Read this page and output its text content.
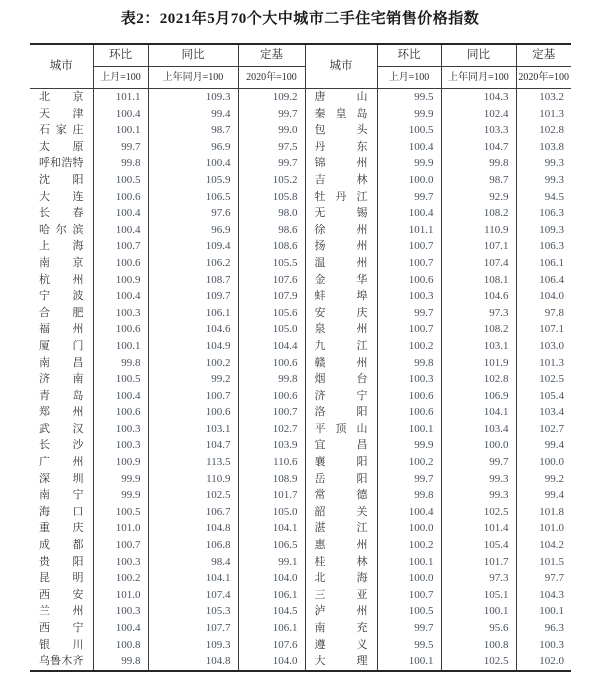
表2：2021年5月70个大中城市二手住宅销售价格指数
城市	环比	同比	定基	城市	环比	同比	定基
	上月=100	上年同月=100	2020年=100		上月=100	上年同月=100	2020年=100
北京	101.1	109.3	109.2	唐山	99.5	104.3	103.2
天津	100.4	99.4	99.7	秦皇岛	99.9	102.4	101.3
石家庄	100.1	98.7	99.0	包头	100.5	103.3	102.8
太原	99.7	96.9	97.5	丹东	100.4	104.7	103.8
呼和浩特	99.8	100.4	99.7	锦州	99.9	99.8	99.3
沈阳	100.5	105.9	105.2	吉林	100.0	98.7	99.3
大连	100.6	106.5	105.8	牡丹江	99.7	92.9	94.5
长春	100.4	97.6	98.0	无锡	100.4	108.2	106.3
哈尔滨	100.4	96.9	98.6	徐州	101.1	110.9	109.3
上海	100.7	109.4	108.6	扬州	100.7	107.1	106.3
南京	100.6	106.2	105.5	温州	100.7	107.4	106.1
杭州	100.9	108.7	107.6	金华	100.6	108.1	106.4
宁波	100.4	109.7	107.9	蚌埠	100.3	104.6	104.0
合肥	100.3	106.1	105.6	安庆	99.7	97.3	97.8
福州	100.6	104.6	105.0	泉州	100.7	108.2	107.1
厦门	100.1	104.9	104.4	九江	100.2	103.1	103.0
南昌	99.8	100.2	100.6	赣州	99.8	101.9	101.3
济南	100.5	99.2	99.8	烟台	100.3	102.8	102.5
青岛	100.4	100.7	100.6	济宁	100.6	106.9	105.4
郑州	100.6	100.6	100.7	洛阳	100.6	104.1	103.4
武汉	100.3	103.1	102.7	平顶山	100.1	103.4	102.7
长沙	100.3	104.7	103.9	宜昌	99.9	100.0	99.4
广州	100.9	113.5	110.6	襄阳	100.2	99.7	100.0
深圳	99.9	110.9	108.9	岳阳	99.7	99.3	99.2
南宁	99.9	102.5	101.7	常德	99.8	99.3	99.4
海口	100.5	106.7	105.0	韶关	100.4	102.5	101.8
重庆	101.0	104.8	104.1	湛江	100.0	101.4	101.0
成都	100.7	106.8	106.5	惠州	100.2	105.4	104.2
贵阳	100.3	98.4	99.1	桂林	100.1	101.7	101.5
昆明	100.2	104.1	104.0	北海	100.0	97.3	97.7
西安	101.0	107.4	106.1	三亚	100.7	105.1	104.3
兰州	100.3	105.3	104.5	泸州	100.5	100.1	100.1
西宁	100.4	107.7	106.1	南充	99.7	95.6	96.3
银川	100.8	109.3	107.6	遵义	99.5	100.8	100.3
乌鲁木齐	99.8	104.8	104.0	大理	100.1	102.5	102.0
